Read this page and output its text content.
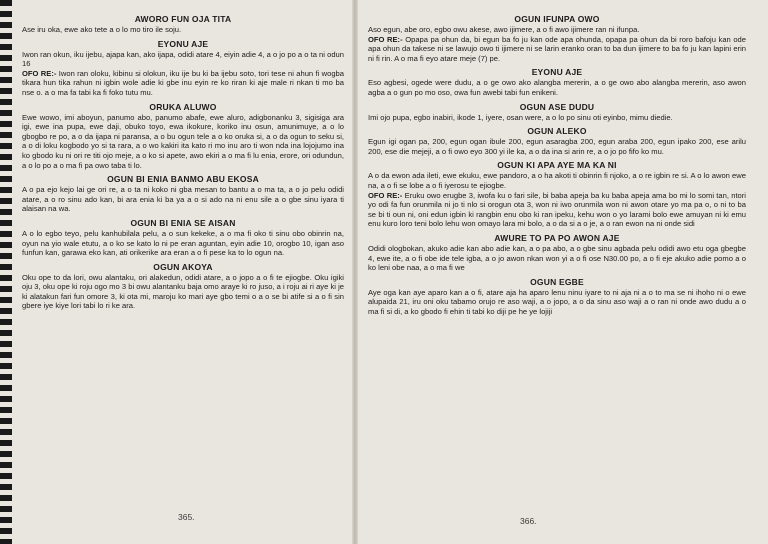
AWORO FUN OJA TITA

Ase iru oka, ewe ako tete a o lo mo tiro ile soju.

EYONU AJE

Iwon ran okun, iku ijebu, ajapa kan, ako ijapa, odidi atare 4, eiyin adie 4, a o jo po a o ta ni odun 16

OFO RE:- Iwon ran oloku, kibinu si olokun, iku ije bu ki ba ijebu soto, tori tese ni ahun fi wogba tikara hun tika rahun ni igbin wole adie ki gbe inu eyin re ko riran ki aje male ri nkan ti mo ba nse o. a o ma fa tabi ka fi foko tutu mu.

ORUKA ALUWO

Ewe wowo, imi aboyun, panumo abo, panumo abafe, ewe aluro, adigbonanku 3, sigisiga ara igi, ewe ina pupa, ewe daji, obuko toyo, ewa ikokure, koriko inu osun, amunimuye, a o lo gbogbo re po, a o da ijapa ni paransa, a o bu ogun tele a o ko oruka si, a o da ogun to seku si, a o di loku kogbodo yo si ta rara, a o wo kakiri ita kato ri mo inu aro ti won nda ina lojojumo ina ko gbodo ku ni ori re titi ojo meje, a o ko si apete, awo ekiri a o ma fi lu enia, erore, ori odundun, a o lo po a o ma fi pa owo taba ti lo.

OGUN BI ENIA BANMO ABU EKOSA

A o pa ejo kejo lai ge ori re, a o ta ni koko ni gba mesan to bantu a o ma ta, a o jo pelu odidi atare, a o ro sinu ado kan, bi ara enia ki ba ya a o si ado na ni enu sile a o gbe sinu iyara ti alaisan na wa.

OGUN BI ENIA SE AISAN

A o lo egbo teyo, pelu kanhubilala pelu, a o sun kekeke, a o ma fi oko ti sinu obo obinrin na, oyun na yio wale etutu, a o ko se kato lo ni pe eran aguntan, eyin adie 10, orogbo 10, igan aso funfun kan, garawa eko kan, ati orikerike ara eran a o fi pese ka to lo ogun na.

OGUN AKOYA

Oku ope to da lori, owu alantaku, ori alakedun, odidi atare, a o jopo a o fi te ejiogbe. Oku igiki oju 3, oku ope ki roju ogo mo 3 bi owu alantanku baja omo araye ki ro juso, a i roju ai ri aye ki je ki alatakun fari fun omore 3, ki ota mi, maroju ko mari aye gbo temi o a o se bi atife si a o fi sin gbere iye kiye lori tabi lo ri ke ara.

OGUN IFUNPA OWO

Aso egun, abe oro, egbo owu akese, awo ijimere, a o fi awo ijimere ran ni ifunpa.

OFO RE:- Opapa pa ohun da, bi egun ba fo ju kan ode apa ohunda, opapa pa ohun da bi roro bafoju kan ode apa ohun da takese ni se lawujo owo ti ijimere ni se larin eranko oran to ba dun ijimere to ba fo ju kan lapini erin ni fi rin. A o ma fi eyo atare meje (7) pe.

EYONU AJE

Eso agbesi, ogede were dudu, a o ge owo ako alangba mererin, a o ge owo abo alangba mererin, aso awon agba a o gun po mo oso, owa fun awebi tabi fun enikeni.

OGUN ASE DUDU

Imi ojo pupa, egbo inabiri, ikode 1, iyere, osan were, a o lo po sinu oti eyinbo, mimu diedie.

OGUN ALEKO

Egun igi ogan pa, 200, egun ogan ibule 200, egun asaragba 200, egun araba 200, egun ipako 200, ese arilu 200, ese die mejeji, a o fi owo eyo 300 yi ile ka, a o da ina si arin re, a o jo po fifo ko mu.

OGUN KI APA AYE MA KA NI

A o da ewon ada ileti, ewe ekuku, ewe pandoro, a o ha akoti ti obinrin fi njoko, a o re igbin re si. A o lo awon ewe na, a o fi se lobe a o fi iyerosu te ejiogbe.

OFO RE:- Eruku owo erugbe 3, iwofa ku o fari sile, bi baba apeja ba ku baba apeja ama bo mi lo somi tan, ntori yo odi fa fun orunmila ni jo ti nlo si orogun ota 3, won ni iwo orunmila won ni awon otare yo ma pa o, o ni to ba se bi ti oun ni, oni edun igbin ki rangbin enu obo ki ran ipeku, kehu won o yo larami bolo ewe amuyan ni ki emu enu kuro loro teni bolo lehu won omayo lara mi bolo, a o da si a o je, a o ran ewon na ni onde sidi

AWURE TO PA PO AWON AJE

Odidi ologbokan, akuko adie kan abo adie kan, a o pa abo, a o gbe sinu agbada pelu odidi awo etu oga gbegbe 4, ewe ite, a o fi obe ide tele igba, a o jo awon nkan won yi a o fi ose N30.00 po, a o fi eje akuko adie pomo a o ko leni obe naa, a o ma fi we

OGUN EGBE

Aye oga kan aye aparo kan a o fi, atare aja ha aparo lenu ninu iyare to ni aja ni a o to ma se ni ihoho ni o ewe alupaida 21, iru oni oku tabamo orujo re aso waji, a o jopo, a o da sinu aso waji a o ran ni onde awo dudu a o ma fi si di, a ko gbodo fi ehin ti tabi ko diji pe he ye lojiji

365.	366.
